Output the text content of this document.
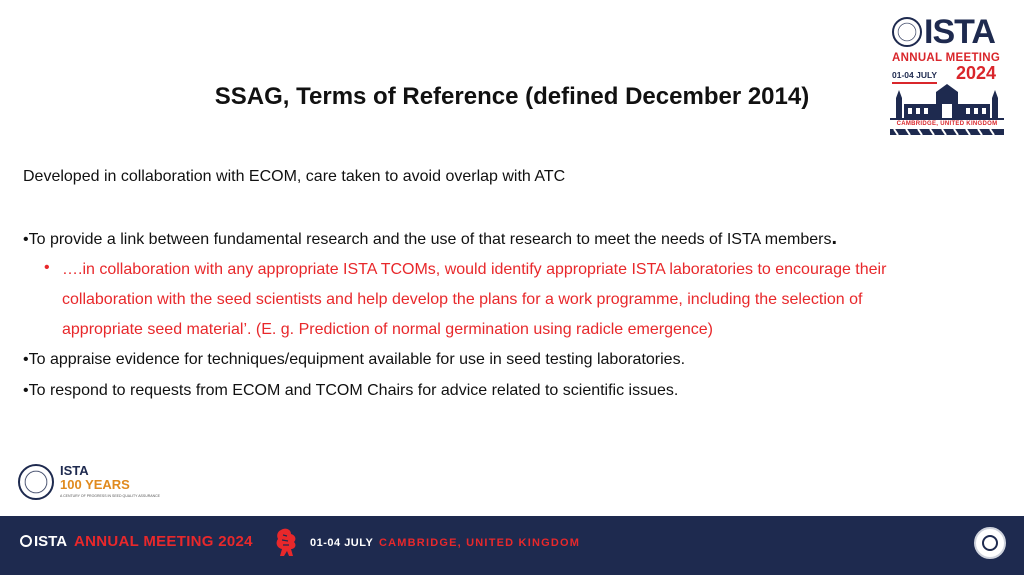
ISTA
ANNUAL MEETING
01-04 JULY 2024
CAMBRIDGE, UNITED KINGDOM
SSAG, Terms of Reference (defined December 2014)
Developed in collaboration with ECOM, care taken to avoid overlap with ATC
•To provide a link between fundamental research and the use of that research to meet the needs of ISTA members.
• ….in collaboration with any appropriate ISTA TCOMs, would identify appropriate ISTA laboratories to encourage their
collaboration with the seed scientists and help develop the plans for a work programme, including the selection of
appropriate seed material’. (E. g. Prediction of normal germination using radicle emergence)
•To appraise evidence for techniques/equipment available for use in seed testing laboratories.
•To respond to requests from ECOM and TCOM Chairs for advice related to scientific issues.
ISTA
100 YEARS
A CENTURY OF PROGRESS IN SEED QUALITY ASSURANCE
ISTA ANNUAL MEETING 2024	01-04 JULY CAMBRIDGE, UNITED KINGDOM
